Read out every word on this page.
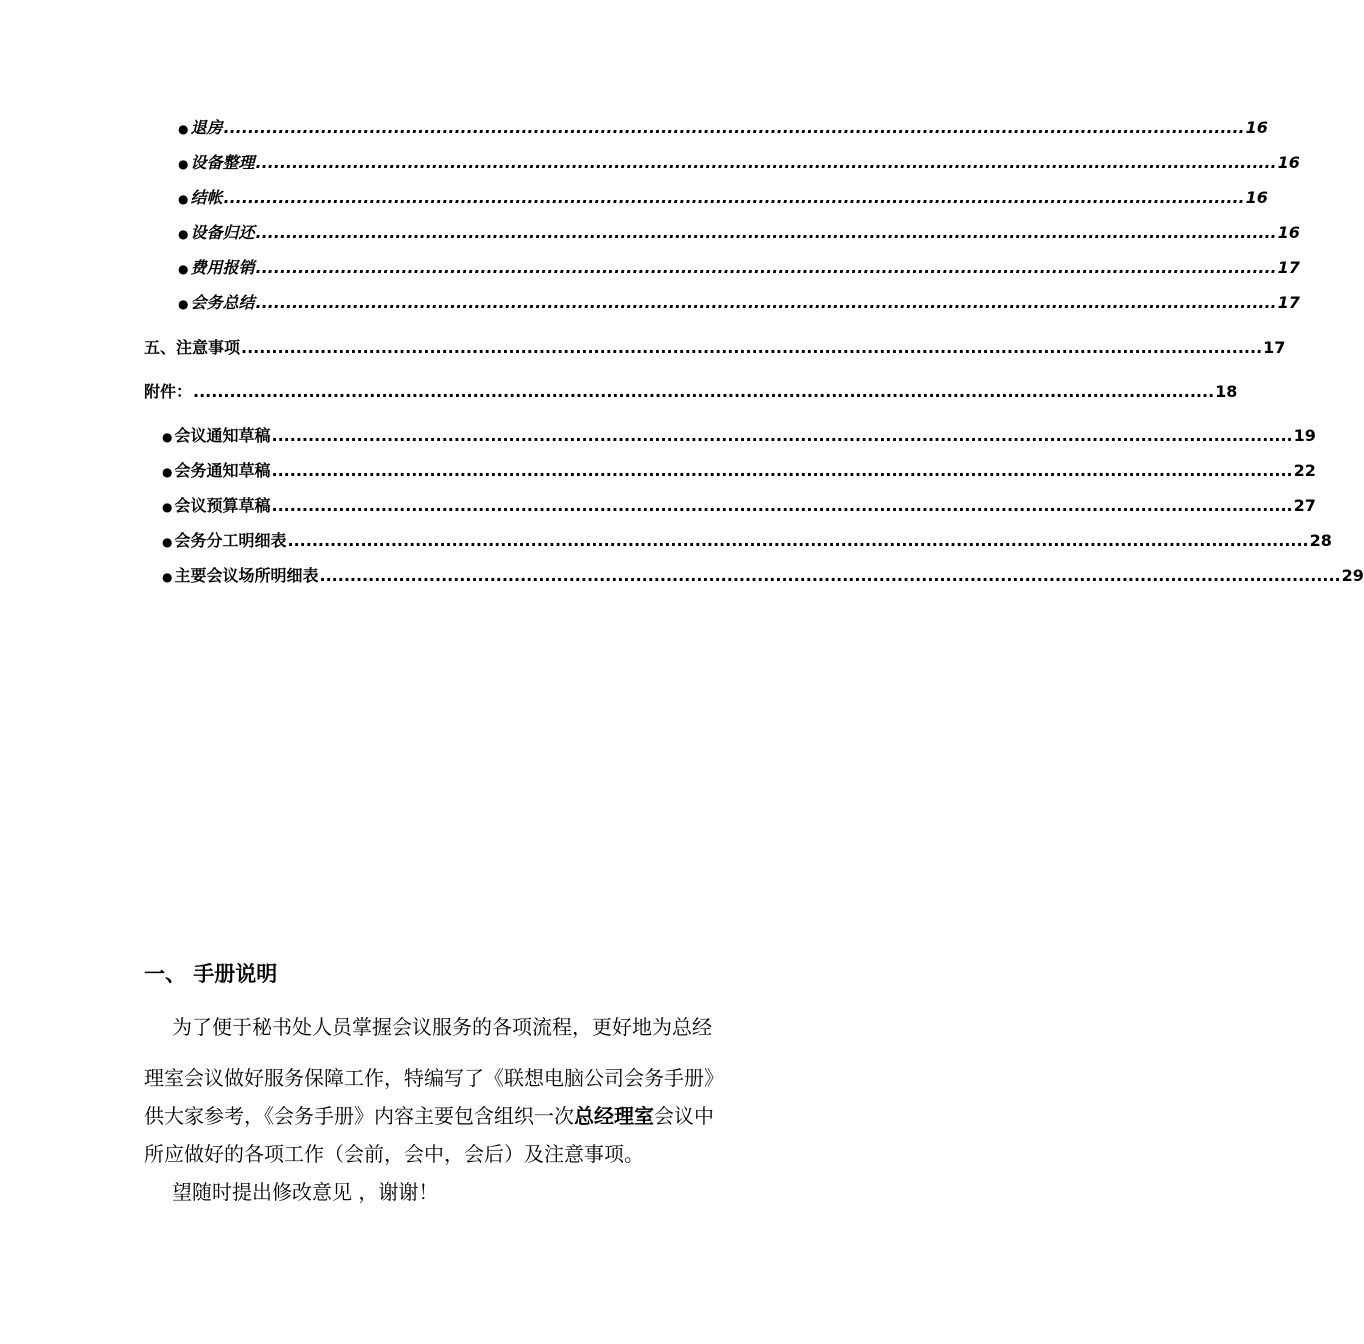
● 退房 ........................................................................................................................................................................ 16
● 设备整理 ........................................................................................................................................................................ 16
● 结帐 ........................................................................................................................................................................ 16
● 设备归还 ........................................................................................................................................................................ 16
● 费用报销 ........................................................................................................................................................................ 17
● 会务总结 ........................................................................................................................................................................ 17
五、注意事项 ........................................................................................................................................................................ 17
附件： ........................................................................................................................................................................ 18
● 会议通知草稿 ........................................................................................................................................................................ 19
● 会务通知草稿 ........................................................................................................................................................................ 22
● 会议预算草稿 ........................................................................................................................................................................ 27
● 会务分工明细表 ........................................................................................................................................................................ 28
● 主要会议场所明细表 ........................................................................................................................................................................ 29
一、 手册说明
为了便于秘书处人员掌握会议服务的各项流程，更好地为总经
理室会议做好服务保障工作，特编写了《联想电脑公司会务手册》
供大家参考，《会务手册》内容主要包含组织一次总经理室会议中
所应做好的各项工作（会前，会中，会后）及注意事项。
望随时提出修改意见 ，谢谢！
